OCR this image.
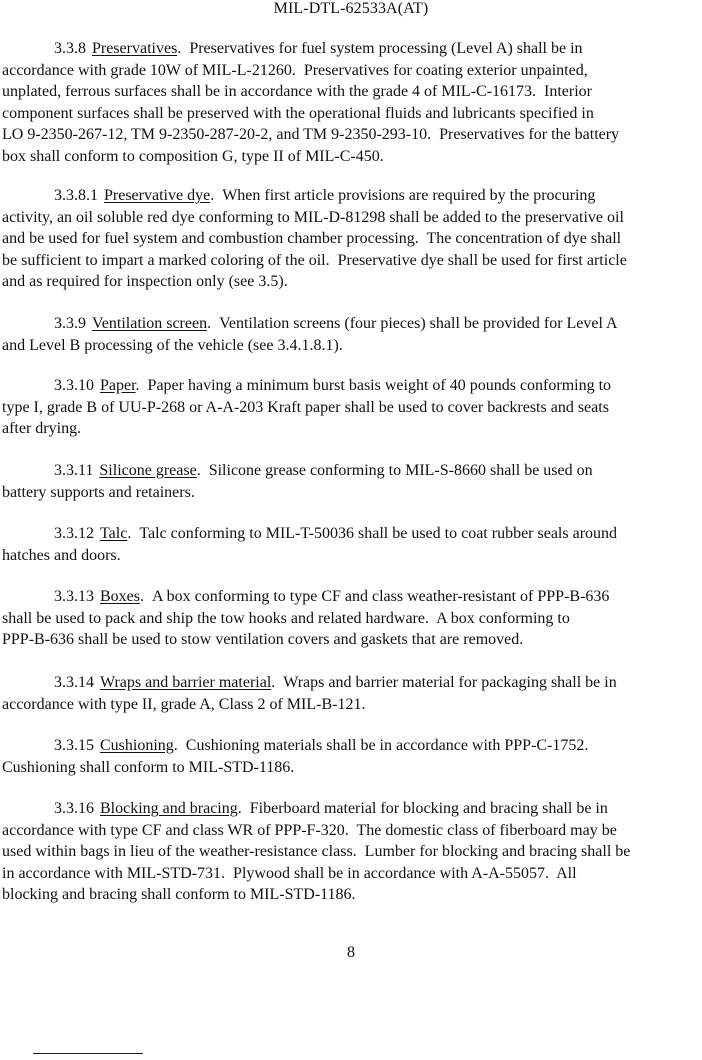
MIL-DTL-62533A(AT)
3.3.8 Preservatives. Preservatives for fuel system processing (Level A) shall be in
accordance with grade 10W of MIL-L-21260.  Preservatives for coating exterior unpainted,
unplated, ferrous surfaces shall be in accordance with the grade 4 of MIL-C-16173.  Interior
component surfaces shall be preserved with the operational fluids and lubricants specified in
LO 9-2350-267-12, TM 9-2350-287-20-2, and TM 9-2350-293-10.  Preservatives for the battery
box shall conform to composition G, type II of MIL-C-450.
3.3.8.1 Preservative dye. When first article provisions are required by the procuring
activity, an oil soluble red dye conforming to MIL-D-81298 shall be added to the preservative oil
and be used for fuel system and combustion chamber processing.  The concentration of dye shall
be sufficient to impart a marked coloring of the oil.  Preservative dye shall be used for first article
and as required for inspection only (see 3.5).
3.3.9 Ventilation screen. Ventilation screens (four pieces) shall be provided for Level A
and Level B processing of the vehicle (see 3.4.1.8.1).
3.3.10 Paper. Paper having a minimum burst basis weight of 40 pounds conforming to
type I, grade B of UU-P-268 or A-A-203 Kraft paper shall be used to cover backrests and seats
after drying.
3.3.11 Silicone grease. Silicone grease conforming to MIL-S-8660 shall be used on
battery supports and retainers.
3.3.12 Talc. Talc conforming to MIL-T-50036 shall be used to coat rubber seals around
hatches and doors.
3.3.13 Boxes. A box conforming to type CF and class weather-resistant of PPP-B-636
shall be used to pack and ship the tow hooks and related hardware.  A box conforming to
PPP-B-636 shall be used to stow ventilation covers and gaskets that are removed.
3.3.14 Wraps and barrier material. Wraps and barrier material for packaging shall be in
accordance with type II, grade A, Class 2 of MIL-B-121.
3.3.15 Cushioning. Cushioning materials shall be in accordance with PPP-C-1752.
Cushioning shall conform to MIL-STD-1186.
3.3.16 Blocking and bracing. Fiberboard material for blocking and bracing shall be in
accordance with type CF and class WR of PPP-F-320.  The domestic class of fiberboard may be
used within bags in lieu of the weather-resistance class.  Lumber for blocking and bracing shall be
in accordance with MIL-STD-731.  Plywood shall be in accordance with A-A-55057.  All
blocking and bracing shall conform to MIL-STD-1186.
8
